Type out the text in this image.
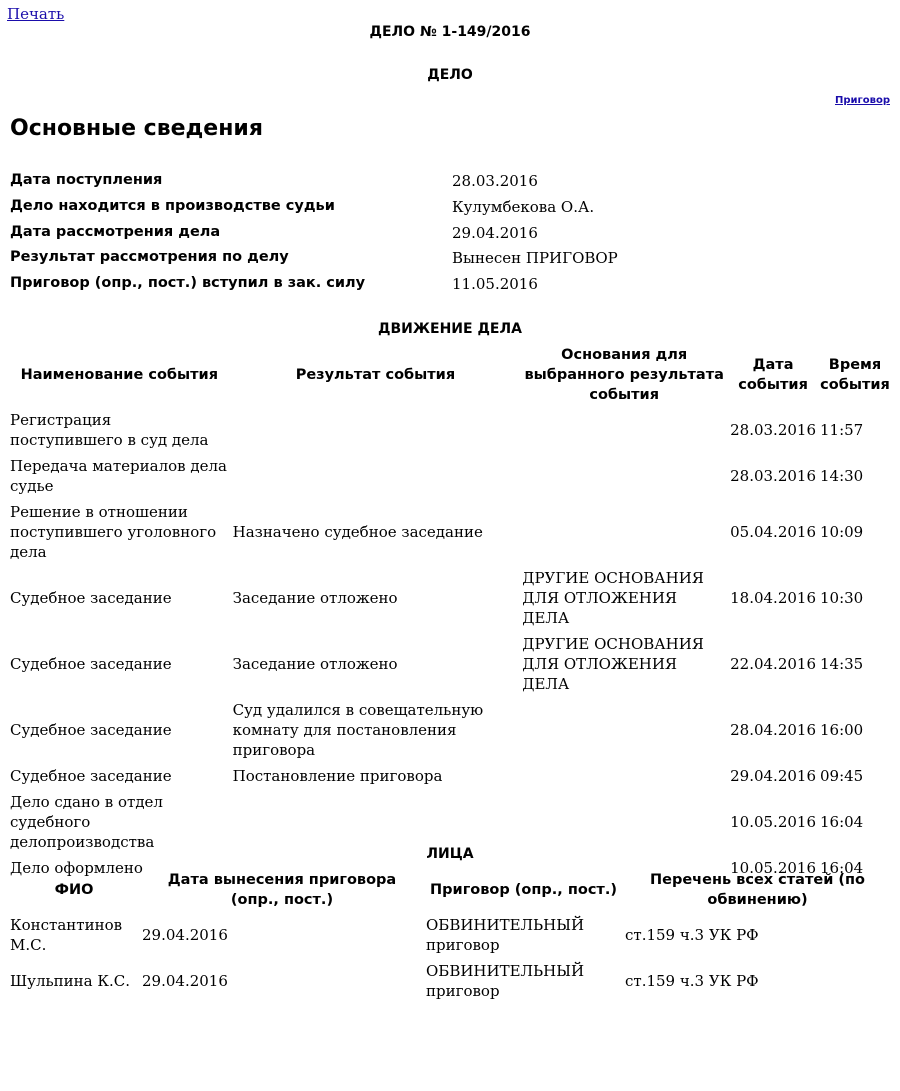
Печать
ДЕЛО № 1-149/2016
ДЕЛО
Приговор
Основные сведения
Дата поступления	28.03.2016
Дело находится в производстве судьи	Кулумбекова О.А.
Дата рассмотрения дела	29.04.2016
Результат рассмотрения по делу	Вынесен ПРИГОВОР
Приговор (опр., пост.) вступил в зак. силу	11.05.2016
ДВИЖЕНИЕ ДЕЛА
Наименование события	Результат события	Основания для выбранного результата события	Дата события	Время события
Регистрация поступившего в суд дела			28.03.2016	11:57
Передача материалов дела судье			28.03.2016	14:30
Решение в отношении поступившего уголовного дела	Назначено судебное заседание		05.04.2016	10:09
Судебное заседание	Заседание отложено	ДРУГИЕ ОСНОВАНИЯ ДЛЯ ОТЛОЖЕНИЯ ДЕЛА	18.04.2016	10:30
Судебное заседание	Заседание отложено	ДРУГИЕ ОСНОВАНИЯ ДЛЯ ОТЛОЖЕНИЯ ДЕЛА	22.04.2016	14:35
Судебное заседание	Суд удалился в совещательную комнату для постановления приговора		28.04.2016	16:00
Судебное заседание	Постановление приговора		29.04.2016	09:45
Дело сдано в отдел судебного делопроизводства			10.05.2016	16:04
Дело оформлено			10.05.2016	16:04
ЛИЦА
ФИО	Дата вынесения приговора (опр., пост.)	Приговор (опр., пост.)	Перечень всех статей (по обвинению)
Константинов М.С.	29.04.2016	ОБВИНИТЕЛЬНЫЙ приговор	ст.159 ч.3 УК РФ
Шульпина К.С.	29.04.2016	ОБВИНИТЕЛЬНЫЙ приговор	ст.159 ч.3 УК РФ
